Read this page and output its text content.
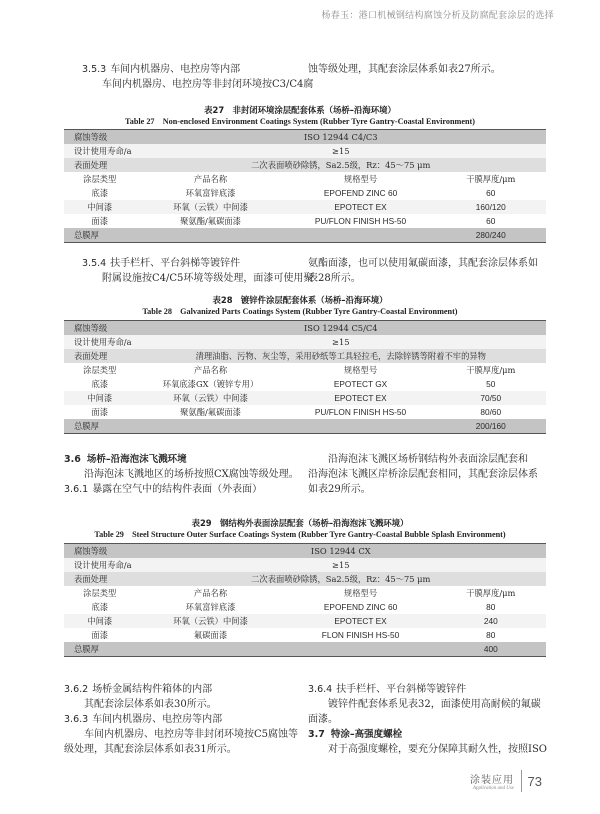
杨春玉：港口机械钢结构腐蚀分析及防腐配套涂层的选择
3.5.3 车间内机器房、电控房等内部
车间内机器房、电控房等非封闭环境按C3/C4腐

蚀等级处理，其配套涂层体系如表27所示。
表27　非封闭环境涂层配套体系（场桥–沿海环境）
Table 27　Non-enclosed Environment Coatings System (Rubber Tyre Gantry-Coastal Environment)
腐蚀等级	ISO 12944 C4/C3		
设计使用寿命/a	≥15		
表面处理	二次表面喷砂除锈，Sa2.5级，Rz：45～75 μm		
涂层类型	产品名称	规格型号	干膜厚度/μm
底漆	环氧富锌底漆	EPOFEND ZINC 60	60
中间漆	环氧（云铁）中间漆	EPOTECT EX	160/120
面漆	聚氨酯/氟碳面漆	PU/FLON FINISH HS-50	60
总膜厚			280/240
3.5.4 扶手栏杆、平台斜梯等镀锌件
附属设施按C4/C5环境等级处理，面漆可使用聚
氨酯面漆，也可以使用氟碳面漆，其配套涂层体系如
表28所示。
表28　镀锌件涂层配套体系（场桥–沿海环境）
Table 28　Galvanized Parts Coatings System (Rubber Tyre Gantry-Coastal Environment)
腐蚀等级	ISO 12944 C5/C4		
设计使用寿命/a	≥15		
表面处理	清理油脂、污物、灰尘等，采用砂纸等工具轻拉毛，去除锌锈等附着不牢的异物		
涂层类型	产品名称	规格型号	干膜厚度/μm
底漆	环氧底漆GX（镀锌专用）	EPOTECT GX	50
中间漆	环氧（云铁）中间漆	EPOTECT EX	70/50
面漆	聚氨酯/氟碳面漆	PU/FLON FINISH HS-50	80/60
总膜厚			200/160
3.6 场桥–沿海泡沫飞溅环境
沿海泡沫飞溅地区的场桥按照CX腐蚀等级处理。
3.6.1 暴露在空气中的结构件表面（外表面）
沿海泡沫飞溅区场桥钢结构外表面涂层配套和
沿海泡沫飞溅区岸桥涂层配套相同，其配套涂层体系
如表29所示。
表29　钢结构外表面涂层配套（场桥–沿海泡沫飞溅环境）
Table 29　Steel Structure Outer Surface Coatings System (Rubber Tyre Gantry-Coastal Bubble Splash Environment)
腐蚀等级	ISO 12944 CX		
设计使用寿命/a	≥15		
表面处理	二次表面喷砂除锈，Sa2.5级，Rz：45～75 μm		
涂层类型	产品名称	规格型号	干膜厚度/μm
底漆	环氧富锌底漆	EPOFEND ZINC 60	80
中间漆	环氧（云铁）中间漆	EPOTECT EX	240
面漆	氟碳面漆	FLON FINISH HS-50	80
总膜厚			400
3.6.2 场桥金属结构件箱体的内部
其配套涂层体系如表30所示。
3.6.3 车间内机器房、电控房等内部
车间内机器房、电控房等非封闭环境按C5腐蚀等
级处理，其配套涂层体系如表31所示。
3.6.4 扶手栏杆、平台斜梯等镀锌件
镀锌件配套体系见表32，面漆使用高耐候的氟碳
面漆。
3.7 特涂–高强度螺栓
对于高强度螺栓，要充分保障其耐久性，按照ISO
涂装应用
Application and Use 73
